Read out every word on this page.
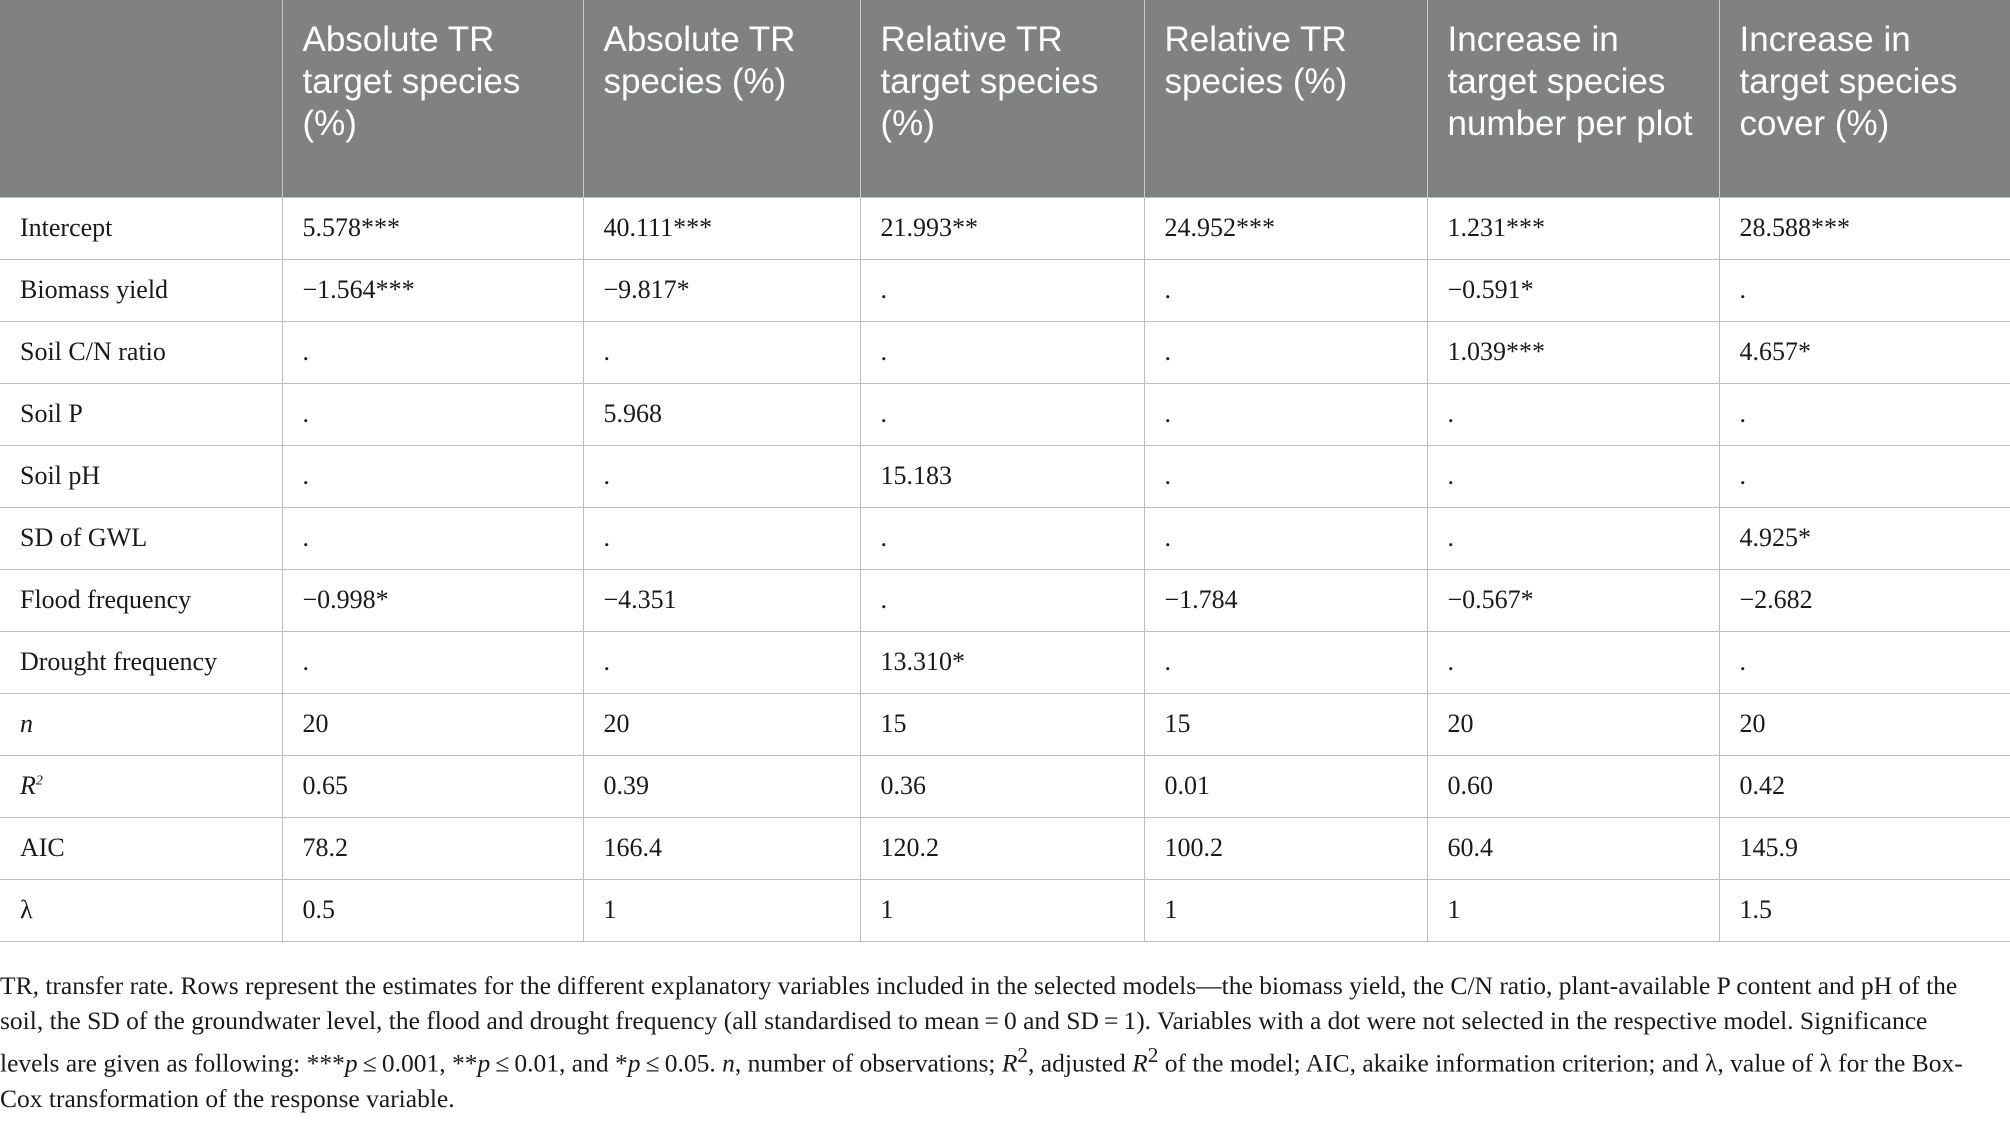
	Absolute TR target species (%)	Absolute TR species (%)	Relative TR target species (%)	Relative TR species (%)	Increase in target species number per plot	Increase in target species cover (%)
Intercept	5.578***	40.111***	21.993**	24.952***	1.231***	28.588***
Biomass yield	−1.564***	−9.817*	.	.	−0.591*	.
Soil C/N ratio	.	.	.	.	1.039***	4.657*
Soil P	.	5.968	.	.	.	.
Soil pH	.	.	15.183	.	.	.
SD of GWL	.	.	.	.	.	4.925*
Flood frequency	−0.998*	−4.351	.	−1.784	−0.567*	−2.682
Drought frequency	.	.	13.310*	.	.	.
n	20	20	15	15	20	20
$R^2$	0.65	0.39	0.36	0.01	0.60	0.42
AIC	78.2	166.4	120.2	100.2	60.4	145.9
λ	0.5	1	1	1	1	1.5

TR, transfer rate. Rows represent the estimates for the different explanatory variables included in the selected models—the biomass yield, the C/N ratio, plant-available P content and pH of the soil, the SD of the groundwater level, the flood and drought frequency (all standardised to mean = 0 and SD = 1). Variables with a dot were not selected in the respective model. Significance levels are given as following: ***p ≤ 0.001, **p ≤ 0.01, and *p ≤ 0.05. n, number of observations; $R^2$, adjusted $R^2$ of the model; AIC, akaike information criterion; and λ, value of λ for the Box-Cox transformation of the response variable.
